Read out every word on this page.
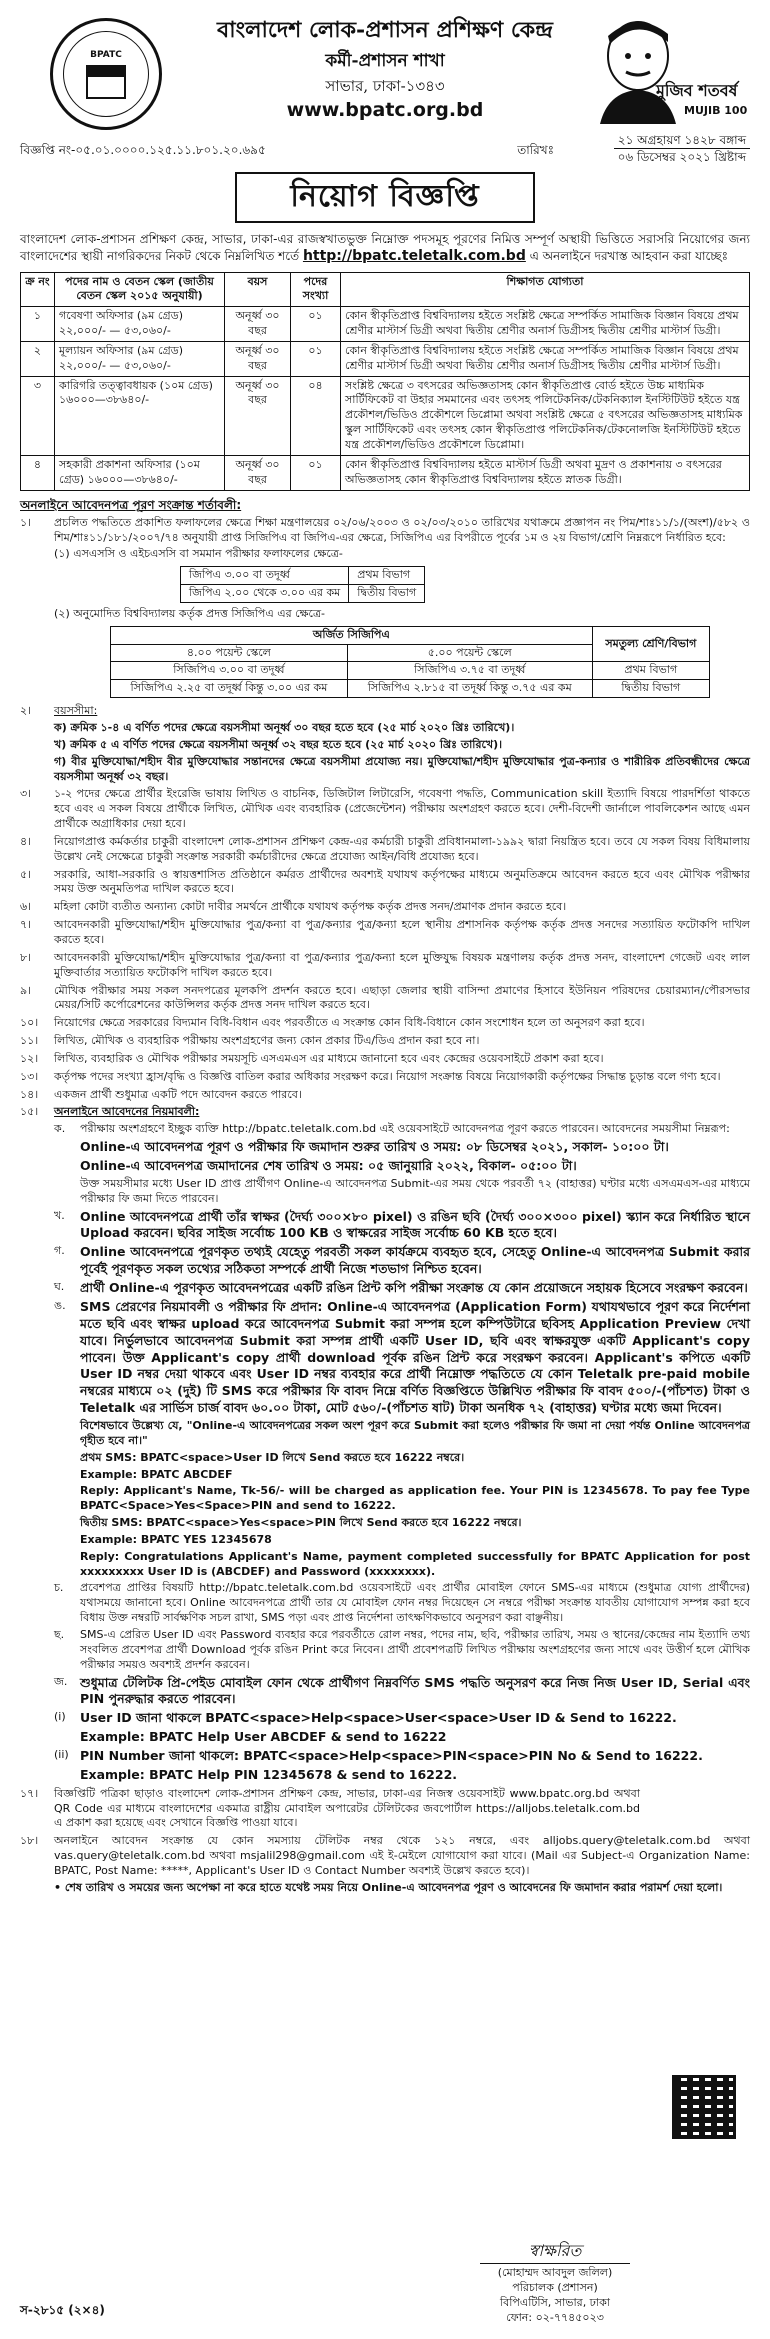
BPATC
বাংলাদেশ লোক-প্রশাসন প্রশিক্ষণ কেন্দ্র
কর্মী-প্রশাসন শাখা
সাভার, ঢাকা-১৩৪৩
www.bpatc.org.bd
মুজিব শতবর্ষ
MUJIB 100
বিজ্ঞপ্তি নং-০৫.০১.০০০০.১২৫.১১.৮০১.২০.৬৯৫	তারিখঃ
২১ অগ্রহায়ণ ১৪২৮ বঙ্গাব্দ
০৬ ডিসেম্বর ২০২১ খ্রিষ্টাব্দ
নিয়োগ বিজ্ঞপ্তি

বাংলাদেশ লোক-প্রশাসন প্রশিক্ষণ কেন্দ্র, সাভার, ঢাকা-এর রাজস্বখাতভুক্ত নিম্নোক্ত পদসমূহ পূরণের নিমিত্ত সম্পূর্ণ অস্থায়ী ভিত্তিতে সরাসরি নিয়োগের জন্য বাংলাদেশের স্থায়ী নাগরিকদের নিকট থেকে নিম্নলিখিত শর্তে http://bpatc.teletalk.com.bd এ অনলাইনে দরখাস্ত আহবান করা যাচ্ছেঃ

ক্র নং	পদের নাম ও বেতন স্কেল (জাতীয় বেতন স্কেল ২০১৫ অনুযায়ী)	বয়স	পদের সংখ্যা	শিক্ষাগত যোগ্যতা
১	গবেষণা অফিসার (৯ম গ্রেড) ২২,০০০/- — ৫৩,০৬০/-	অনূর্ধ্ব ৩০ বছর	০১	কোন স্বীকৃতিপ্রাপ্ত বিশ্ববিদ্যালয় হইতে সংশ্লিষ্ট ক্ষেত্রে সম্পর্কিত সামাজিক বিজ্ঞান বিষয়ে প্রথম শ্রেণীর মাস্টার্স ডিগ্রী অথবা দ্বিতীয় শ্রেণীর অনার্স ডিগ্রীসহ দ্বিতীয় শ্রেণীর মাস্টার্স ডিগ্রী।
২	মূল্যায়ন অফিসার (৯ম গ্রেড) ২২,০০০/- — ৫৩,০৬০/-	অনূর্ধ্ব ৩০ বছর	০১	কোন স্বীকৃতিপ্রাপ্ত বিশ্ববিদ্যালয় হইতে সংশ্লিষ্ট ক্ষেত্রে সম্পর্কিত সামাজিক বিজ্ঞান বিষয়ে প্রথম শ্রেণীর মাস্টার্স ডিগ্রী অথবা দ্বিতীয় শ্রেণীর অনার্স ডিগ্রীসহ দ্বিতীয় শ্রেণীর মাস্টার্স ডিগ্রী।
৩	কারিগরি তত্ত্বাবধায়ক (১০ম গ্রেড) ১৬০০০—৩৮৬৪০/-	অনূর্ধ্ব ৩০ বছর	০৪	সংশ্লিষ্ট ক্ষেত্রে ৩ বৎসরের অভিজ্ঞতাসহ কোন স্বীকৃতিপ্রাপ্ত বোর্ড হইতে উচ্চ মাধ্যমিক সার্টিফিকেট বা উহার সমমানের এবং তৎসহ পলিটেকনিক/টেকনিক্যাল ইনস্টিটিউট হইতে যন্ত্র প্রকৌশল/ভিডিও প্রকৌশলে ডিপ্লোমা অথবা সংশ্লিষ্ট ক্ষেত্রে ৫ বৎসরের অভিজ্ঞতাসহ মাধ্যমিক স্কুল সার্টিফিকেট এবং তৎসহ কোন স্বীকৃতিপ্রাপ্ত পলিটেকনিক/টেকনোলজি ইনস্টিটিউট হইতে যন্ত্র প্রকৌশল/ভিডিও প্রকৌশলে ডিপ্লোমা।
৪	সহকারী প্রকাশনা অফিসার (১০ম গ্রেড) ১৬০০০—৩৮৬৪০/-	অনূর্ধ্ব ৩০ বছর	০১	কোন স্বীকৃতিপ্রাপ্ত বিশ্ববিদ্যালয় হইতে মাস্টার্স ডিগ্রী অথবা মুদ্রণ ও প্রকাশনায় ৩ বৎসরের অভিজ্ঞতাসহ কোন স্বীকৃতিপ্রাপ্ত বিশ্ববিদ্যালয় হইতে স্নাতক ডিগ্রী।
অনলাইনে আবেদনপত্র পূরণ সংক্রান্ত শর্তাবলী:
১।	প্রচলিত পদ্ধতিতে প্রকাশিত ফলাফলের ক্ষেত্রে শিক্ষা মন্ত্রণালয়ের ০২/০৬/২০০৩ ও ০২/০৩/২০১০ তারিখের যথাক্রমে প্রজ্ঞাপন নং পিম/শাঃ১১/১/(অংশ)/৫৮২ ও শিম/শাঃ১১/১৮১/২০০৭/৭৪ অনুযায়ী প্রাপ্ত সিজিপিএ বা জিপিএ-এর ক্ষেত্রে, সিজিপিএ এর বিপরীতে পূর্বের ১ম ও ২য় বিভাগ/শ্রেণি নিম্নরূপে নির্ধারিত হবে:
(১) এসএসসি ও এইচএসসি বা সমমান পরীক্ষার ফলাফলের ক্ষেত্রে-
জিপিএ ৩.০০ বা তদূর্ধ্ব	প্রথম বিভাগ
জিপিএ ২.০০ থেকে ৩.০০ এর কম	দ্বিতীয় বিভাগ
(২) অনুমোদিত বিশ্ববিদ্যালয় কর্তৃক প্রদত্ত সিজিপিএ এর ক্ষেত্রে-
অর্জিত সিজিপিএ		সমতুল্য শ্রেণি/বিভাগ
৪.০০ পয়েন্ট স্কেলে	৫.০০ পয়েন্ট স্কেলে	
সিজিপিএ ৩.০০ বা তদূর্ধ্ব	সিজিপিএ ৩.৭৫ বা তদূর্ধ্ব	প্রথম বিভাগ
সিজিপিএ ২.২৫ বা তদূর্ধ্ব কিন্তু ৩.০০ এর কম	সিজিপিএ ২.৮১৫ বা তদূর্ধ্ব কিন্তু ৩.৭৫ এর কম	দ্বিতীয় বিভাগ
২।	বয়সসীমা:
ক) ক্রমিক ১-৪ এ বর্ণিত পদের ক্ষেত্রে বয়সসীমা অনূর্ধ্ব ৩০ বছর হতে হবে (২৫ মার্চ ২০২০ খ্রিঃ তারিখে)।
খ) ক্রমিক ৫ এ বর্ণিত পদের ক্ষেত্রে বয়সসীমা অনূর্ধ্ব ৩২ বছর হতে হবে (২৫ মার্চ ২০২০ খ্রিঃ তারিখে)।
গ) বীর মুক্তিযোদ্ধা/শহীদ বীর মুক্তিযোদ্ধার সন্তানদের ক্ষেত্রে বয়সসীমা প্রযোজ্য নয়। মুক্তিযোদ্ধা/শহীদ মুক্তিযোদ্ধার পুত্র-কন্যার ও শারীরিক প্রতিবন্ধীদের ক্ষেত্রে বয়সসীমা অনূর্ধ্ব ৩২ বছর।
৩।	১-২ পদের ক্ষেত্রে প্রার্থীর ইংরেজি ভাষায় লিখিত ও বাচনিক, ডিজিটাল লিটারেসি, গবেষণা পদ্ধতি, Communication skill ইত্যাদি বিষয়ে পারদর্শিতা থাকতে হবে এবং এ সকল বিষয়ে প্রার্থীকে লিখিত, মৌখিক এবং ব্যবহারিক (প্রেজেন্টেশন) পরীক্ষায় অংশগ্রহণ করতে হবে। দেশী-বিদেশী জার্নালে পাবলিকেশন আছে এমন প্রার্থীকে অগ্রাধিকার দেয়া হবে।
৪।	নিয়োগপ্রাপ্ত কর্মকর্তার চাকুরী বাংলাদেশ লোক-প্রশাসন প্রশিক্ষণ কেন্দ্র-এর কর্মচারী চাকুরী প্রবিধানমালা-১৯৯২ দ্বারা নিয়ন্ত্রিত হবে। তবে যে সকল বিষয় বিধিমালায় উল্লেখ নেই সেক্ষেত্রে চাকুরী সংক্রান্ত সরকারী কর্মচারীদের ক্ষেত্রে প্রযোজ্য আইন/বিধি প্রযোজ্য হবে।
৫।	সরকারি, আধা-সরকারি ও স্বায়ত্তশাসিত প্রতিষ্ঠানে কর্মরত প্রার্থীদের অবশ্যই যথাযথ কর্তৃপক্ষের মাধ্যমে অনুমতিক্রমে আবেদন করতে হবে এবং মৌখিক পরীক্ষার সময় উক্ত অনুমতিপত্র দাখিল করতে হবে।
৬।	মহিলা কোটা ব্যতীত অন্যান্য কোটা দাবীর সমর্থনে প্রার্থীকে যথাযথ কর্তৃপক্ষ কর্তৃক প্রদত্ত সনদ/প্রমাণক প্রদান করতে হবে।
৭।	আবেদনকারী মুক্তিযোদ্ধা/শহীদ মুক্তিযোদ্ধার পুত্র/কন্যা বা পুত্র/কন্যার পুত্র/কন্যা হলে স্থানীয় প্রশাসনিক কর্তৃপক্ষ কর্তৃক প্রদত্ত সনদের সত্যায়িত ফটোকপি দাখিল করতে হবে।
৮।	আবেদনকারী মুক্তিযোদ্ধা/শহীদ মুক্তিযোদ্ধার পুত্র/কন্যা বা পুত্র/কন্যার পুত্র/কন্যা হলে মুক্তিযুদ্ধ বিষয়ক মন্ত্রণালয় কর্তৃক প্রদত্ত সনদ, বাংলাদেশ গেজেট এবং লাল মুক্তিবার্তার সত্যায়িত ফটোকপি দাখিল করতে হবে।
৯।	মৌখিক পরীক্ষার সময় সকল সনদপত্রের মূলকপি প্রদর্শন করতে হবে। এছাড়া জেলার স্থায়ী বাসিন্দা প্রমাণের হিসাবে ইউনিয়ন পরিষদের চেয়ারম্যান/পৌরসভার মেয়র/সিটি কর্পোরেশনের কাউন্সিলর কর্তৃক প্রদত্ত সনদ দাখিল করতে হবে।
১০।	নিয়োগের ক্ষেত্রে সরকারের বিদ্যমান বিধি-বিধান এবং পরবর্তীতে এ সংক্রান্ত কোন বিধি-বিধানে কোন সংশোধন হলে তা অনুসরণ করা হবে।
১১।	লিখিত, মৌখিক ও ব্যবহারিক পরীক্ষায় অংশগ্রহণের জন্য কোন প্রকার টিএ/ডিএ প্রদান করা হবে না।
১২।	লিখিত, ব্যবহারিক ও মৌখিক পরীক্ষার সময়সূচি এসএমএস এর মাধ্যমে জানানো হবে এবং কেন্দ্রের ওয়েবসাইটে প্রকাশ করা হবে।
১৩।	কর্তৃপক্ষ পদের সংখ্যা হ্রাস/বৃদ্ধি ও বিজ্ঞপ্তি বাতিল করার অধিকার সংরক্ষণ করে। নিয়োগ সংক্রান্ত বিষয়ে নিয়োগকারী কর্তৃপক্ষের সিদ্ধান্ত চূড়ান্ত বলে গণ্য হবে।
১৪।	একজন প্রার্থী শুধুমাত্র একটি পদে আবেদন করতে পারবে।
১৫।	অনলাইনে আবেদনের নিয়মাবলী:
ক.	পরীক্ষায় অংশগ্রহণে ইচ্ছুক ব্যক্তি http://bpatc.teletalk.com.bd এই ওয়েবসাইটে আবেদনপত্র পূরণ করতে পারবেন। আবেদনের সময়সীমা নিম্নরূপ:
Online-এ আবেদনপত্র পূরণ ও পরীক্ষার ফি জমাদান শুরুর তারিখ ও সময়: ০৮ ডিসেম্বর ২০২১, সকাল- ১০:০০ টা।
Online-এ আবেদনপত্র জমাদানের শেষ তারিখ ও সময়: ০৫ জানুয়ারি ২০২২, বিকাল- ০৫:০০ টা।
উক্ত সময়সীমার মধ্যে User ID প্রাপ্ত প্রার্থীগণ Online-এ আবেদনপত্র Submit-এর সময় থেকে পরবর্তী ৭২ (বাহাত্তর) ঘণ্টার মধ্যে এসএমএস-এর মাধ্যমে পরীক্ষার ফি জমা দিতে পারবেন।
খ.	Online আবেদনপত্রে প্রার্থী তাঁর স্বাক্ষর (দৈর্ঘ্য ৩০০×৮০ pixel) ও রঙিন ছবি (দৈর্ঘ্য ৩০০×৩০০ pixel) স্ক্যান করে নির্ধারিত স্থানে Upload করবেন। ছবির সাইজ সর্বোচ্চ 100 KB ও স্বাক্ষরের সাইজ সর্বোচ্চ 60 KB হতে হবে।
গ.	Online আবেদনপত্রে পূরণকৃত তথ্যই যেহেতু পরবর্তী সকল কার্যক্রমে ব্যবহৃত হবে, সেহেতু Online-এ আবেদনপত্র Submit করার পূর্বেই পূরণকৃত সকল তথ্যের সঠিকতা সম্পর্কে প্রার্থী নিজে শতভাগ নিশ্চিত হবেন।
ঘ.	প্রার্থী Online-এ পূরণকৃত আবেদনপত্রের একটি রঙিন প্রিন্ট কপি পরীক্ষা সংক্রান্ত যে কোন প্রয়োজনে সহায়ক হিসেবে সংরক্ষণ করবেন।
ঙ.	SMS প্রেরণের নিয়মাবলী ও পরীক্ষার ফি প্রদান: Online-এ আবেদনপত্র (Application Form) যথাযথভাবে পূরণ করে নির্দেশনা মতে ছবি এবং স্বাক্ষর upload করে আবেদনপত্র Submit করা সম্পন্ন হলে কম্পিউটারে ছবিসহ Application Preview দেখা যাবে। নির্ভুলভাবে আবেদনপত্র Submit করা সম্পন্ন প্রার্থী একটি User ID, ছবি এবং স্বাক্ষরযুক্ত একটি Applicant's copy পাবেন। উক্ত Applicant's copy প্রার্থী download পূর্বক রঙিন প্রিন্ট করে সংরক্ষণ করবেন। Applicant's কপিতে একটি User ID নম্বর দেয়া থাকবে এবং User ID নম্বর ব্যবহার করে প্রার্থী নিম্নোক্ত পদ্ধতিতে যে কোন Teletalk pre-paid mobile নম্বরের মাধ্যমে ০২ (দুই) টি SMS করে পরীক্ষার ফি বাবদ নিম্নে বর্ণিত বিজ্ঞপ্তিতে উল্লিখিত পরীক্ষার ফি বাবদ ৫০০/-(পাঁচশত) টাকা ও Teletalk এর সার্ভিস চার্জ বাবদ ৬০.০০ টাকা, মোট ৫৬০/-(পাঁচশত ষাট) টাকা অনধিক ৭২ (বাহাত্তর) ঘণ্টার মধ্যে জমা দিবেন।
বিশেষভাবে উল্লেখ্য যে, "Online-এ আবেদনপত্রের সকল অংশ পূরণ করে Submit করা হলেও পরীক্ষার ফি জমা না দেয়া পর্যন্ত Online আবেদনপত্র গৃহীত হবে না।"
প্রথম SMS: BPATC<space>User ID লিখে Send করতে হবে 16222 নম্বরে।
Example: BPATC ABCDEF
Reply: Applicant's Name, Tk-56/- will be charged as application fee. Your PIN is 12345678. To pay fee Type BPATC<Space>Yes<Space>PIN and send to 16222.
দ্বিতীয় SMS: BPATC<space>Yes<space>PIN লিখে Send করতে হবে 16222 নম্বরে।
Example: BPATC YES 12345678
Reply: Congratulations Applicant's Name, payment completed successfully for BPATC Application for post xxxxxxxxx User ID is (ABCDEF) and Password (xxxxxxxx).
চ.	প্রবেশপত্র প্রাপ্তির বিষয়টি http://bpatc.teletalk.com.bd ওয়েবসাইটে এবং প্রার্থীর মোবাইল ফোনে SMS-এর মাধ্যমে (শুধুমাত্র যোগ্য প্রার্থীদের) যথাসময়ে জানানো হবে। Online আবেদনপত্রে প্রার্থী তার যে মোবাইল ফোন নম্বর দিয়েছেন সে নম্বরে পরীক্ষা সংক্রান্ত যাবতীয় যোগাযোগ সম্পন্ন করা হবে বিধায় উক্ত নম্বরটি সার্বক্ষণিক সচল রাখা, SMS পড়া এবং প্রাপ্ত নির্দেশনা তাৎক্ষণিকভাবে অনুসরণ করা বাঞ্ছনীয়।
ছ.	SMS-এ প্রেরিত User ID এবং Password ব্যবহার করে পরবর্তীতে রোল নম্বর, পদের নাম, ছবি, পরীক্ষার তারিখ, সময় ও স্থানের/কেন্দ্রের নাম ইত্যাদি তথ্য সংবলিত প্রবেশপত্র প্রার্থী Download পূর্বক রঙিন Print করে নিবেন। প্রার্থী প্রবেশপত্রটি লিখিত পরীক্ষায় অংশগ্রহণের জন্য সাথে এবং উত্তীর্ণ হলে মৌখিক পরীক্ষার সময়ও অবশ্যই প্রদর্শন করবেন।
জ.	শুধুমাত্র টেলিটক প্রি-পেইড মোবাইল ফোন থেকে প্রার্থীগণ নিম্নবর্ণিত SMS পদ্ধতি অনুসরণ করে নিজ নিজ User ID, Serial এবং PIN পুনরুদ্ধার করতে পারবেন।
(i)	User ID জানা থাকলে BPATC<space>Help<space>User<space>User ID & Send to 16222.
Example: BPATC Help User ABCDEF & send to 16222
(ii) PIN Number জানা থাকলে: BPATC<space>Help<space>PIN<space>PIN No & Send to 16222.
Example: BPATC Help PIN 12345678 & send to 16222.
১৭।	বিজ্ঞপ্তিটি পত্রিকা ছাড়াও বাংলাদেশ লোক-প্রশাসন প্রশিক্ষণ কেন্দ্র, সাভার, ঢাকা-এর নিজস্ব ওয়েবসাইট www.bpatc.org.bd অথবা QR Code এর মাধ্যমে বাংলাদেশের একমাত্র রাষ্ট্রীয় মোবাইল অপারেটর টেলিটকের জবপোর্টাল https://alljobs.teletalk.com.bd এ প্রকাশ করা হয়েছে এবং সেখানে বিজ্ঞপ্তি পাওয়া যাবে।
১৮।	অনলাইনে আবেদন সংক্রান্ত যে কোন সমস্যায় টেলিটক নম্বর থেকে ১২১ নম্বরে, এবং alljobs.query@teletalk.com.bd অথবা vas.query@teletalk.com.bd অথবা msjalil298@gmail.com এই ই-মেইলে যোগাযোগ করা যাবে। (Mail এর Subject-এ Organization Name: BPATC, Post Name: *****, Applicant's User ID ও Contact Number অবশ্যই উল্লেখ করতে হবে)।
• শেষ তারিখ ও সময়ের জন্য অপেক্ষা না করে হাতে যথেষ্ট সময় নিয়ে Online-এ আবেদনপত্র পূরণ ও আবেদনের ফি জমাদান করার পরামর্শ দেয়া হলো।
স্বাক্ষরিত
(মোহাম্মদ আবদুল জলিল)
পরিচালক (প্রশাসন)
বিপিএটিসি, সাভার, ঢাকা
ফোন: ০২-৭৭৪৫০২৩
স-২৮১৫ (২×৪)
